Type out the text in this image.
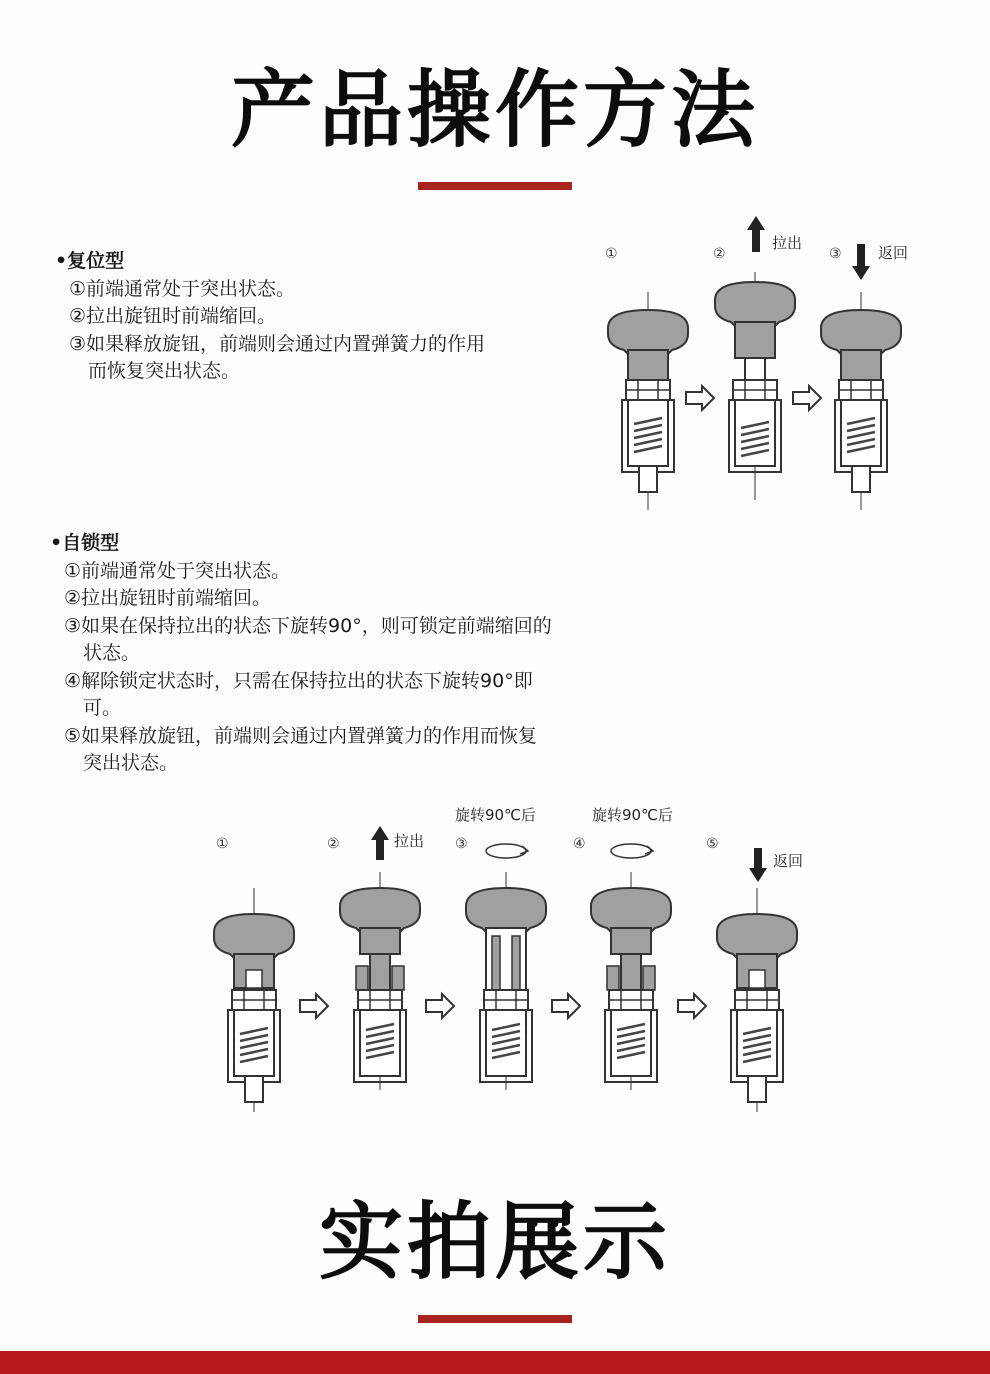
产品操作方法
•复位型
①前端通常处于突出状态。
②拉出旋钮时前端缩回。
③如果释放旋钮，前端则会通过内置弹簧力的作用
而恢复突出状态。
•自锁型
①前端通常处于突出状态。
②拉出旋钮时前端缩回。
③如果在保持拉出的状态下旋转90°，则可锁定前端缩回的
状态。
④解除锁定状态时，只需在保持拉出的状态下旋转90°即
可。
⑤如果释放旋钮，前端则会通过内置弹簧力的作用而恢复
突出状态。
①	②	③
拉出
返回
①	②	③	④	⑤
拉出
旋转90℃后	旋转90℃后
返回
实拍展示
